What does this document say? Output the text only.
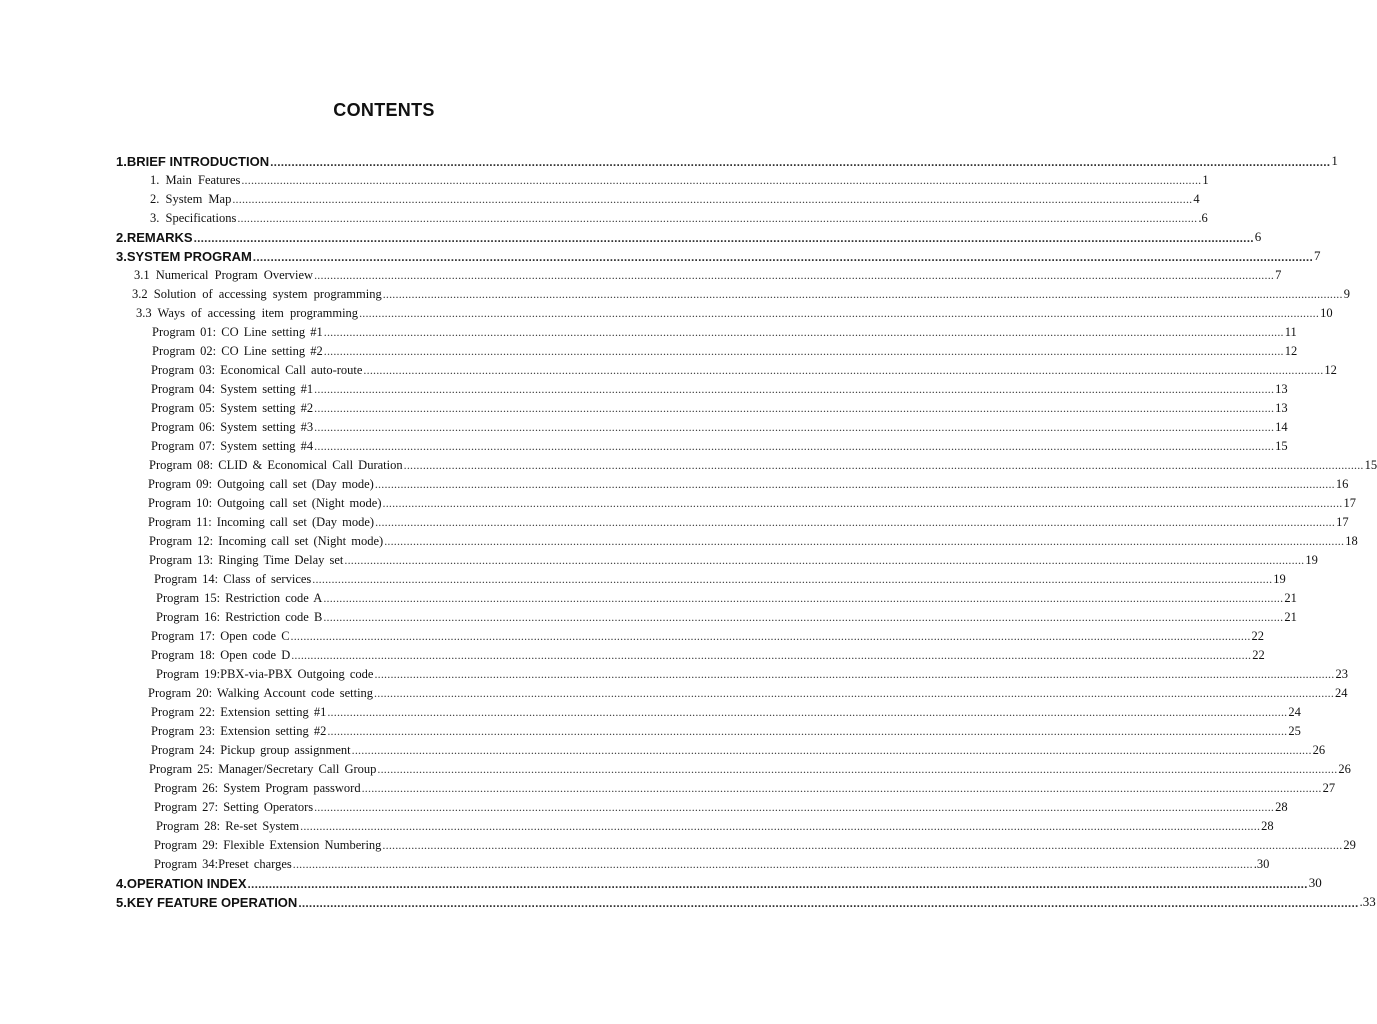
CONTENTS
1.BRIEF INTRODUCTION ............................................................................................................................................................................................................................................................................................................ 1
1. Main Features ............................................................................................................................................................................................................................................................................................................ 1
2. System Map ............................................................................................................................................................................................................................................................................................................ 4
3. Specifications ............................................................................................................................................................................................................................................................................................................ .6
2.REMARKS ............................................................................................................................................................................................................................................................................................................ 6
3.SYSTEM PROGRAM ............................................................................................................................................................................................................................................................................................................ 7
3.1 Numerical Program Overview ............................................................................................................................................................................................................................................................................................................ 7
3.2 Solution of accessing system programming ............................................................................................................................................................................................................................................................................................................ 9
3.3 Ways of accessing item programming ............................................................................................................................................................................................................................................................................................................ 10
Program 01: CO Line setting #1 ............................................................................................................................................................................................................................................................................................................ 11
Program 02: CO Line setting #2 ............................................................................................................................................................................................................................................................................................................ 12
Program 03: Economical Call auto-route ............................................................................................................................................................................................................................................................................................................ 12
Program 04: System setting #1 ............................................................................................................................................................................................................................................................................................................ 13
Program 05: System setting #2 ............................................................................................................................................................................................................................................................................................................ 13
Program 06: System setting #3 ............................................................................................................................................................................................................................................................................................................ 14
Program 07: System setting #4 ............................................................................................................................................................................................................................................................................................................ 15
Program 08: CLID & Economical Call Duration ............................................................................................................................................................................................................................................................................................................ 15
Program 09: Outgoing call set (Day mode) ............................................................................................................................................................................................................................................................................................................ 16
Program 10: Outgoing call set (Night mode) ............................................................................................................................................................................................................................................................................................................ 17
Program 11: Incoming call set (Day mode) ............................................................................................................................................................................................................................................................................................................ 17
Program 12: Incoming call set (Night mode) ............................................................................................................................................................................................................................................................................................................ 18
Program 13: Ringing Time Delay set ............................................................................................................................................................................................................................................................................................................ 19
Program 14: Class of services ............................................................................................................................................................................................................................................................................................................ 19
Program 15: Restriction code A ............................................................................................................................................................................................................................................................................................................ 21
Program 16: Restriction code B ............................................................................................................................................................................................................................................................................................................ 21
Program 17: Open code C ............................................................................................................................................................................................................................................................................................................ 22
Program 18: Open code D ............................................................................................................................................................................................................................................................................................................ 22
Program 19:PBX-via-PBX Outgoing code ............................................................................................................................................................................................................................................................................................................ 23
Program 20: Walking Account code setting ............................................................................................................................................................................................................................................................................................................ 24
Program 22: Extension setting #1 ............................................................................................................................................................................................................................................................................................................ 24
Program 23: Extension setting #2 ............................................................................................................................................................................................................................................................................................................ 25
Program 24: Pickup group assignment ............................................................................................................................................................................................................................................................................................................ 26
Program 25: Manager/Secretary Call Group ............................................................................................................................................................................................................................................................................................................ 26
Program 26: System Program password ............................................................................................................................................................................................................................................................................................................ 27
Program 27: Setting Operators ............................................................................................................................................................................................................................................................................................................ 28
Program 28: Re-set System ............................................................................................................................................................................................................................................................................................................ 28
Program 29: Flexible Extension Numbering ............................................................................................................................................................................................................................................................................................................ 29
Program 34:Preset charges ............................................................................................................................................................................................................................................................................................................ .30
4.OPERATION INDEX ............................................................................................................................................................................................................................................................................................................ 30
5.KEY FEATURE OPERATION ............................................................................................................................................................................................................................................................................................................ .33
